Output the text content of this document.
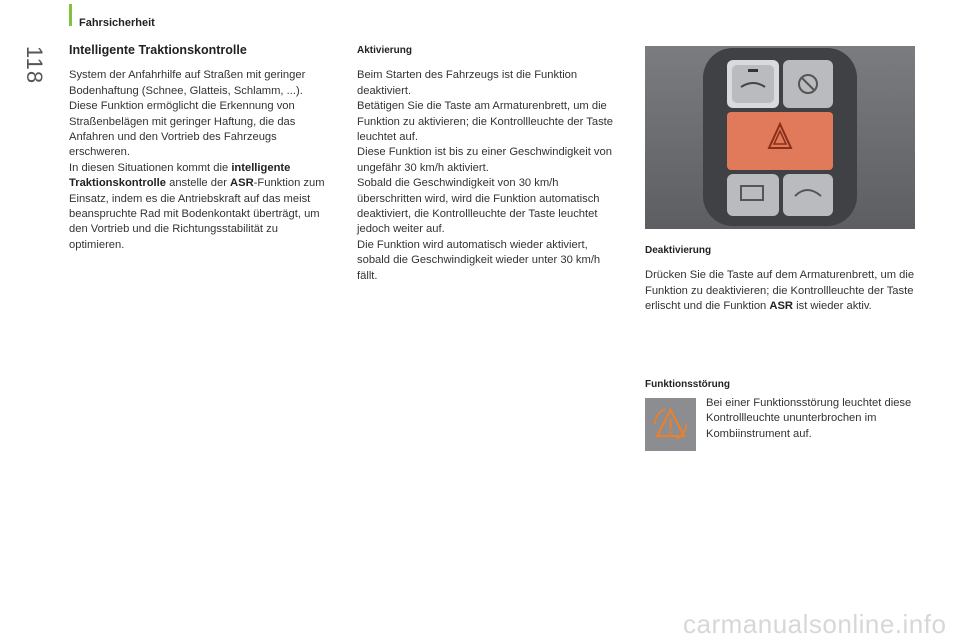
Fahrsicherheit
118 Intelligente Traktionskontrolle

System der Anfahrhilfe auf Straßen mit geringer Bodenhaftung (Schnee, Glatteis, Schlamm, ...). Diese Funktion ermöglicht die Erkennung von Straßenbelägen mit geringer Haftung, die das Anfahren und den Vortrieb des Fahrzeugs erschweren.

In diesen Situationen kommt die intelligente Traktionskontrolle anstelle der ASR-Funktion zum Einsatz, indem es die Antriebskraft auf das meist beanspruchte Rad mit Bodenkontakt überträgt, um den Vortrieb und die Richtungsstabilität zu optimieren.

Aktivierung

Beim Starten des Fahrzeugs ist die Funktion deaktiviert.

Betätigen Sie die Taste am Armaturenbrett, um die Funktion zu aktivieren; die Kontrollleuchte der Taste leuchtet auf.

Diese Funktion ist bis zu einer Geschwindigkeit von ungefähr 30 km/h aktiviert.

Sobald die Geschwindigkeit von 30 km/h überschritten wird, wird die Funktion automatisch deaktiviert, die Kontrollleuchte der Taste leuchtet jedoch weiter auf.

Die Funktion wird automatisch wieder aktiviert, sobald die Geschwindigkeit wieder unter 30 km/h fällt.

Deaktivierung

Drücken Sie die Taste auf dem Armaturenbrett, um die Funktion zu deaktivieren; die Kontrollleuchte der Taste erlischt und die Funktion ASR ist wieder aktiv.

Funktionsstörung

Bei einer Funktionsstörung leuchtet diese Kontrollleuchte ununterbrochen im Kombiinstrument auf.

carmanualsonline.info
